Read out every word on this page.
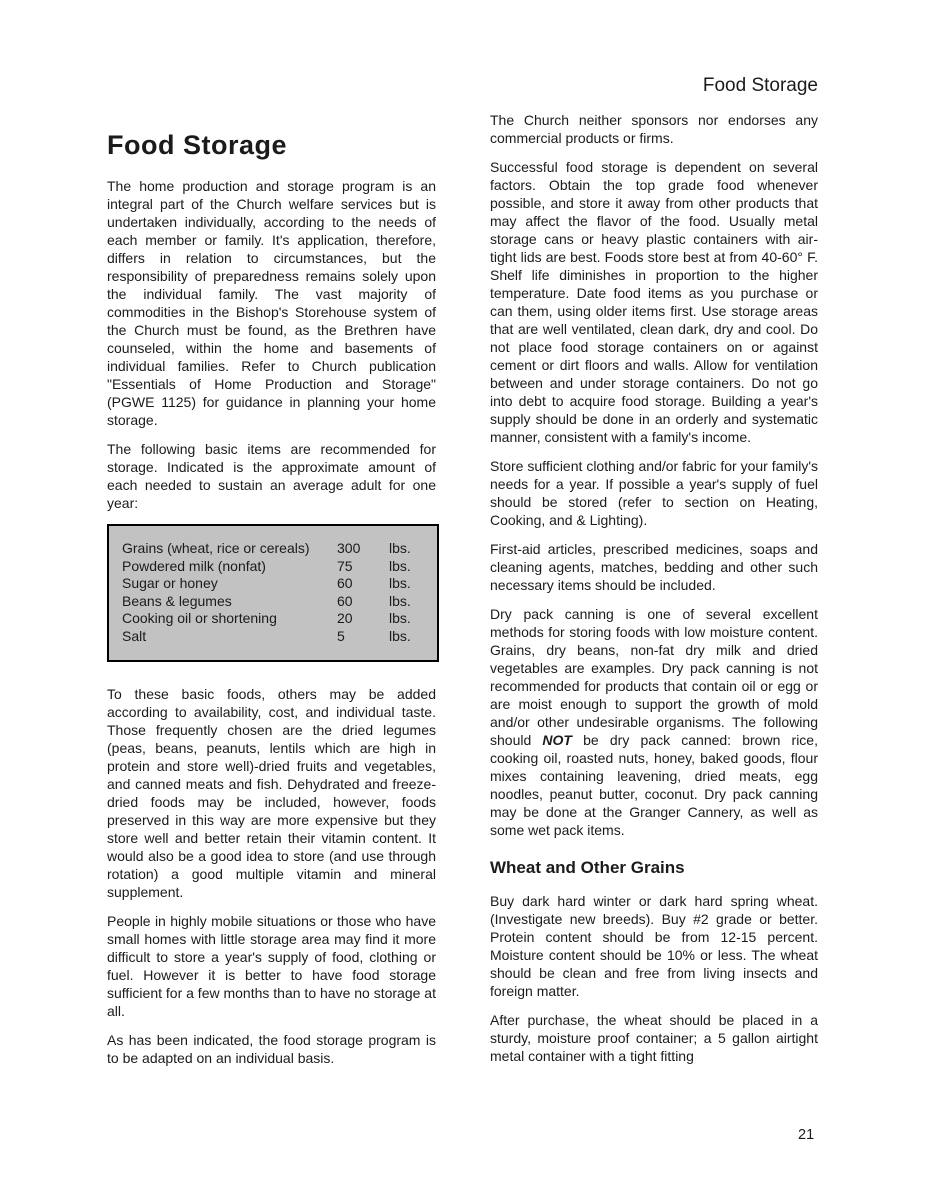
Food Storage

The home production and storage program is an integral part of the Church welfare services but is undertaken individually, according to the needs of each member or family. It's application, therefore, differs in relation to circumstances, but the responsibility of preparedness remains solely upon the individual family. The vast majority of commodities in the Bishop's Storehouse system of the Church must be found, as the Brethren have counseled, within the home and basements of individual families. Refer to Church publication "Essentials of Home Production and Storage" (PGWE 1125) for guidance in planning your home storage.

The following basic items are recommended for storage. Indicated is the approximate amount of each needed to sustain an average adult for one year:

Grains (wheat, rice or cereals)	300	lbs.
Powdered milk (nonfat)	75	lbs.
Sugar or honey	60	lbs.
Beans & legumes	60	lbs.
Cooking oil or shortening	20	lbs.
Salt	5	lbs.

To these basic foods, others may be added according to availability, cost, and individual taste. Those frequently chosen are the dried legumes (peas, beans, peanuts, lentils which are high in protein and store well)-dried fruits and vegetables, and canned meats and fish. Dehydrated and freeze-dried foods may be included, however, foods preserved in this way are more expensive but they store well and better retain their vitamin content. It would also be a good idea to store (and use through rotation) a good multiple vitamin and mineral supplement.

People in highly mobile situations or those who have small homes with little storage area may find it more difficult to store a year's supply of food, clothing or fuel. However it is better to have food storage sufficient for a few months than to have no storage at all.

As has been indicated, the food storage program is to be adapted on an individual basis.

Food Storage

The Church neither sponsors nor endorses any commercial products or firms.

Successful food storage is dependent on several factors. Obtain the top grade food whenever possible, and store it away from other products that may affect the flavor of the food. Usually metal storage cans or heavy plastic containers with air-tight lids are best. Foods store best at from 40-60° F. Shelf life diminishes in proportion to the higher temperature. Date food items as you purchase or can them, using older items first. Use storage areas that are well ventilated, clean dark, dry and cool. Do not place food storage containers on or against cement or dirt floors and walls. Allow for ventilation between and under storage containers. Do not go into debt to acquire food storage. Building a year's supply should be done in an orderly and systematic manner, consistent with a family's income.

Store sufficient clothing and/or fabric for your family's needs for a year. If possible a year's supply of fuel should be stored (refer to section on Heating, Cooking, and & Lighting).

First-aid articles, prescribed medicines, soaps and cleaning agents, matches, bedding and other such necessary items should be included.

Dry pack canning is one of several excellent methods for storing foods with low moisture content. Grains, dry beans, non-fat dry milk and dried vegetables are examples. Dry pack canning is not recommended for products that contain oil or egg or are moist enough to support the growth of mold and/or other undesirable organisms. The following should NOT be dry pack canned: brown rice, cooking oil, roasted nuts, honey, baked goods, flour mixes containing leavening, dried meats, egg noodles, peanut butter, coconut. Dry pack canning may be done at the Granger Cannery, as well as some wet pack items.

Wheat and Other Grains

Buy dark hard winter or dark hard spring wheat. (Investigate new breeds). Buy #2 grade or better. Protein content should be from 12-15 percent. Moisture content should be 10% or less. The wheat should be clean and free from living insects and foreign matter.

After purchase, the wheat should be placed in a sturdy, moisture proof container; a 5 gallon airtight metal container with a tight fitting

21
